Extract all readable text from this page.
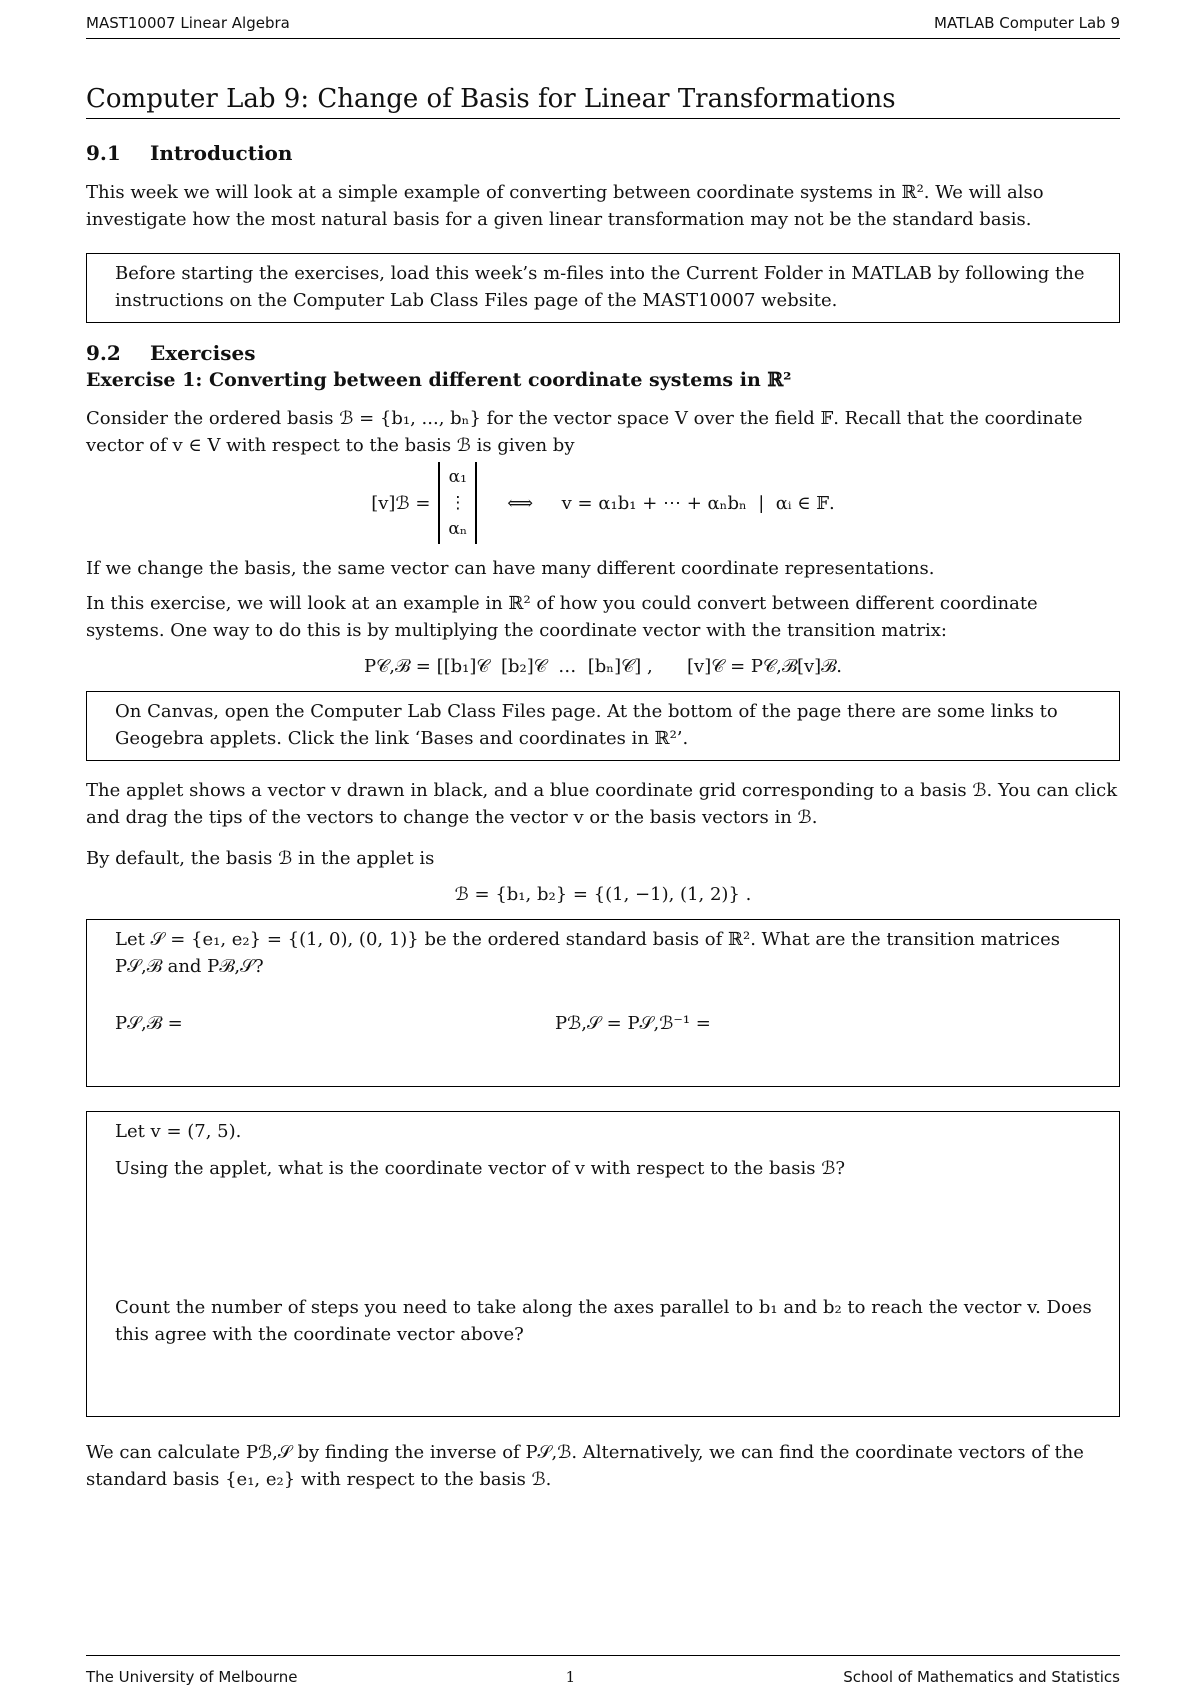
MAST10007 Linear Algebra	MATLAB Computer Lab 9
Computer Lab 9: Change of Basis for Linear Transformations
9.1 Introduction

This week we will look at a simple example of converting between coordinate systems in ℝ². We will also investigate how the most natural basis for a given linear transformation may not be the standard basis.

Before starting the exercises, load this week’s m-files into the Current Folder in MATLAB by following the instructions on the Computer Lab Class Files page of the MAST10007 website.
9.2 Exercises
Exercise 1: Converting between different coordinate systems in ℝ²

Consider the ordered basis ℬ = {b₁, ..., bₙ} for the vector space V over the field 𝔽. Recall that the coordinate vector of v ∈ V with respect to the basis ℬ is given by

[v]ℬ =
α₁
⋮
αₙ
⟺     v = α₁b₁ + ⋯ + αₙbₙ  |  αᵢ ∈ 𝔽.

If we change the basis, the same vector can have many different coordinate representations.

In this exercise, we will look at an example in ℝ² of how you could convert between different coordinate systems. One way to do this is by multiplying the coordinate vector with the transition matrix:

P𝒞,ℬ = [[b₁]𝒞  [b₂]𝒞  …  [bₙ]𝒞] ,      [v]𝒞 = P𝒞,ℬ[v]ℬ.
On Canvas, open the Computer Lab Class Files page. At the bottom of the page there are some links to Geogebra applets. Click the link ‘Bases and coordinates in ℝ²’.

The applet shows a vector v drawn in black, and a blue coordinate grid corresponding to a basis ℬ. You can click and drag the tips of the vectors to change the vector v or the basis vectors in ℬ.

By default, the basis ℬ in the applet is

ℬ = {b₁, b₂} = {(1, −1), (1, 2)} .
Let 𝒮 = {e₁, e₂} = {(1, 0), (0, 1)} be the ordered standard basis of ℝ². What are the transition matrices P𝒮,ℬ and Pℬ,𝒮?
P𝒮,ℬ =	Pℬ,𝒮 = P𝒮,ℬ⁻¹ =
Let v = (7, 5).
Using the applet, what is the coordinate vector of v with respect to the basis ℬ?
Count the number of steps you need to take along the axes parallel to b₁ and b₂ to reach the vector v. Does this agree with the coordinate vector above?

We can calculate Pℬ,𝒮 by finding the inverse of P𝒮,ℬ. Alternatively, we can find the coordinate vectors of the standard basis {e₁, e₂} with respect to the basis ℬ.

The University of Melbourne	1	School of Mathematics and Statistics
